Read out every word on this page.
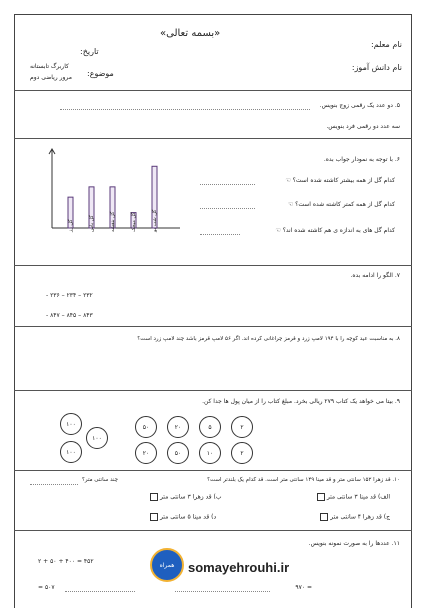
«بسمه تعالی»
نام معلم:
نام دانش آموز:
تاریخ:
موضوع:
کاربرگ تابستانه
مرور ریاضی دوم
۵. دو عدد یک رقمی زوج بنویس.
سه عدد دو رقمی فرد بنویس.
۶. با توجه به نمودار جواب بده.
کدام گل از همه بیشتر کاشته شده است؟ ☜
کدام گل از همه کمتر کاشته شده است؟ ☜
کدام گل های به اندازه ی هم کاشته شده اند؟ ☜
گل رز	گل یاس	گل بنفشه	گل میخک	گل شب بو
۷. الگو را ادامه بده.
۲۳۲ – ۲۳۴ – ۲۳۶ -
۸۴۳ – ۸۴۵ – ۸۴۷ -
۸. به مناسبت عید کوچه را با ۱۹۴ لامپ زرد و قرمز چراغانی کرده اند. اگر ۵۶ لامپ قرمز باشد چند لامپ زرد است؟
۹. بیتا می خواهد یک کتاب ۲۷۹ ریالی بخرد. مبلغ کتاب را از میان پول ها جدا کن.
۱۰۰
۱۰۰
۱۰۰
۵۰	۲۰	۵	۲
۲۰	۵۰	۱۰	۲
۱۰. قد زهرا ۱۵۲ سانتی متر و قد مینا ۱۴۹ سانتی متر است. قد کدام یک بلندتر است؟
چند سانتی متر؟
الف) قد مینا ۳ سانتی متر
ب) قد زهرا ۳ سانتی متر
ج) قد زهرا ۴ سانتی متر
د) قد مینا ۵ سانتی متر
۱۱. عددها را به صورت نمونه بنویس.
۴۵۲ = ۴۰۰ + ۵۰ + ۲
۹۷۰ =
۵۰۷ =
همراه somayehrouhi.ir
